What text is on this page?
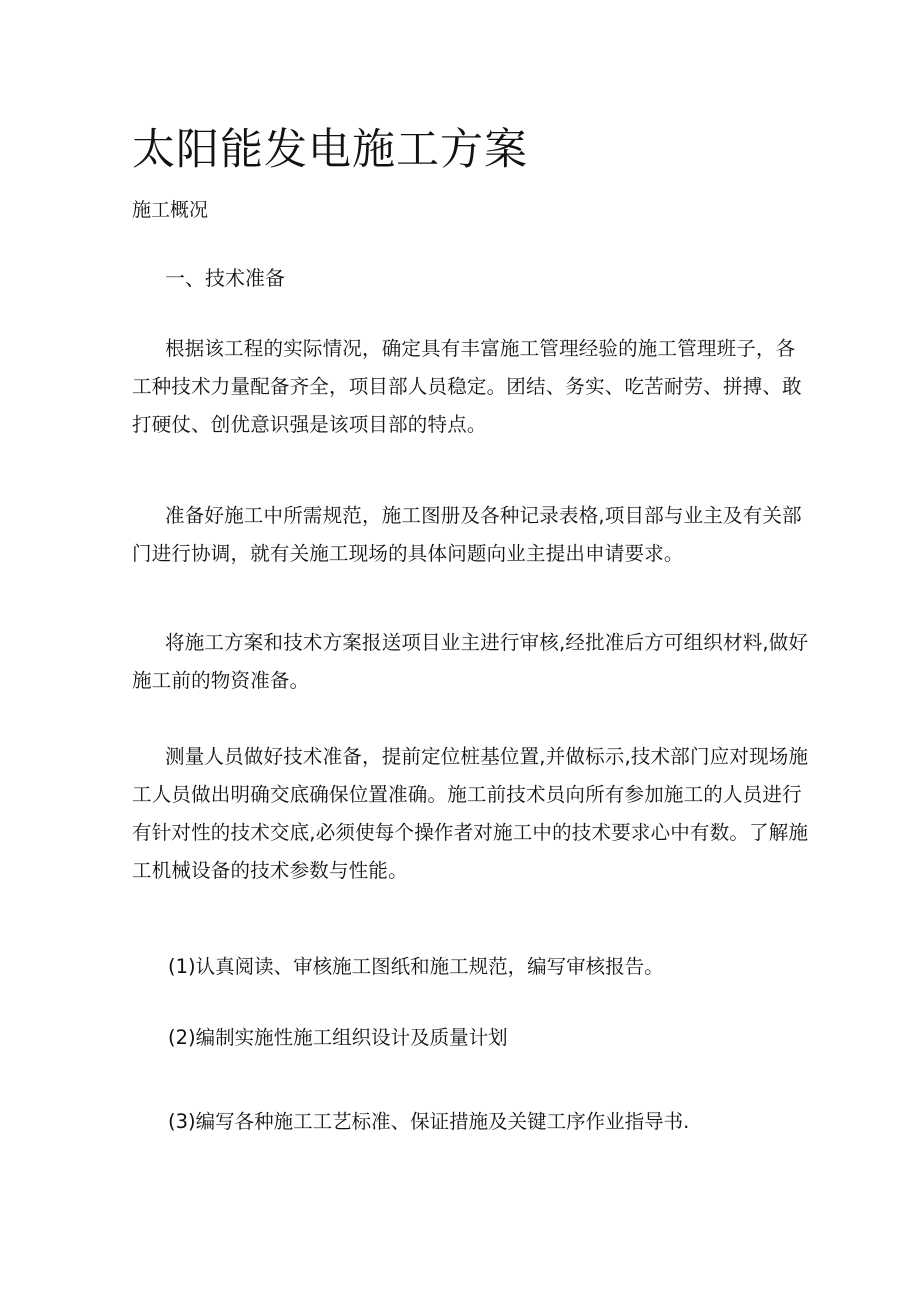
太阳能发电施工方案
施工概况
一、技术准备

根据该工程的实际情况，确定具有丰富施工管理经验的施工管理班子，各工种技术力量配备齐全，项目部人员稳定。团结、务实、吃苦耐劳、拼搏、敢打硬仗、创优意识强是该项目部的特点。

准备好施工中所需规范，施工图册及各种记录表格,项目部与业主及有关部门进行协调，就有关施工现场的具体问题向业主提出申请要求。

将施工方案和技术方案报送项目业主进行审核,经批准后方可组织材料,做好施工前的物资准备。

测量人员做好技术准备，提前定位桩基位置,并做标示,技术部门应对现场施工人员做出明确交底确保位置准确。施工前技术员向所有参加施工的人员进行有针对性的技术交底,必须使每个操作者对施工中的技术要求心中有数。了解施工机械设备的技术参数与性能。

(1)认真阅读、审核施工图纸和施工规范，编写审核报告。
(2)编制实施性施工组织设计及质量计划
(3)编写各种施工工艺标准、保证措施及关键工序作业指导书.
